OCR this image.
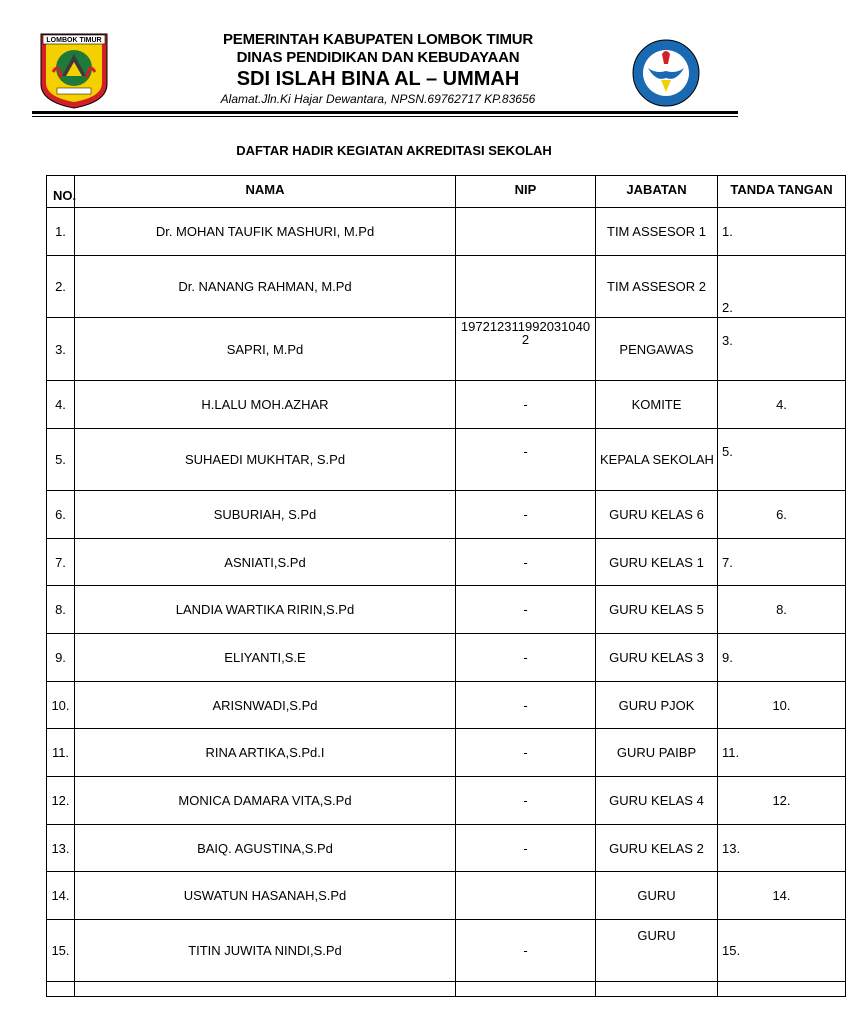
LOMBOK TIMUR	PEMERINTAH KABUPATEN LOMBOK TIMUR
DINAS PENDIDIKAN DAN KEBUDAYAAN
SDI ISLAH BINA AL – UMMAH
Alamat.Jln.Ki Hajar Dewantara, NPSN.69762717 KP.83656
DAFTAR HADIR KEGIATAN AKREDITASI SEKOLAH
NO.	NAMA	NIP	JABATAN	TANDA TANGAN
1.	Dr. MOHAN TAUFIK MASHURI, M.Pd		TIM ASSESOR 1	1.
2.	Dr. NANANG RAHMAN, M.Pd		TIM ASSESOR 2	2.
3.	SAPRI, M.Pd	197212311992031040 2	PENGAWAS	3.
4.	H.LALU MOH.AZHAR	-	KOMITE	4.
5.	SUHAEDI MUKHTAR, S.Pd	-	KEPALA SEKOLAH	5.
6.	SUBURIAH, S.Pd	-	GURU KELAS 6	6.
7.	ASNIATI,S.Pd	-	GURU KELAS 1	7.
8.	LANDIA WARTIKA RIRIN,S.Pd	-	GURU KELAS 5	8.
9.	ELIYANTI,S.E	-	GURU KELAS 3	9.
10.	ARISNWADI,S.Pd	-	GURU PJOK	10.
11.	RINA ARTIKA,S.Pd.I	-	GURU PAIBP	11.
12.	MONICA DAMARA VITA,S.Pd	-	GURU KELAS 4	12.
13.	BAIQ. AGUSTINA,S.Pd	-	GURU KELAS 2	13.
14.	USWATUN HASANAH,S.Pd		GURU	14.
15.	TITIN JUWITA NINDI,S.Pd	-	GURU	15.
